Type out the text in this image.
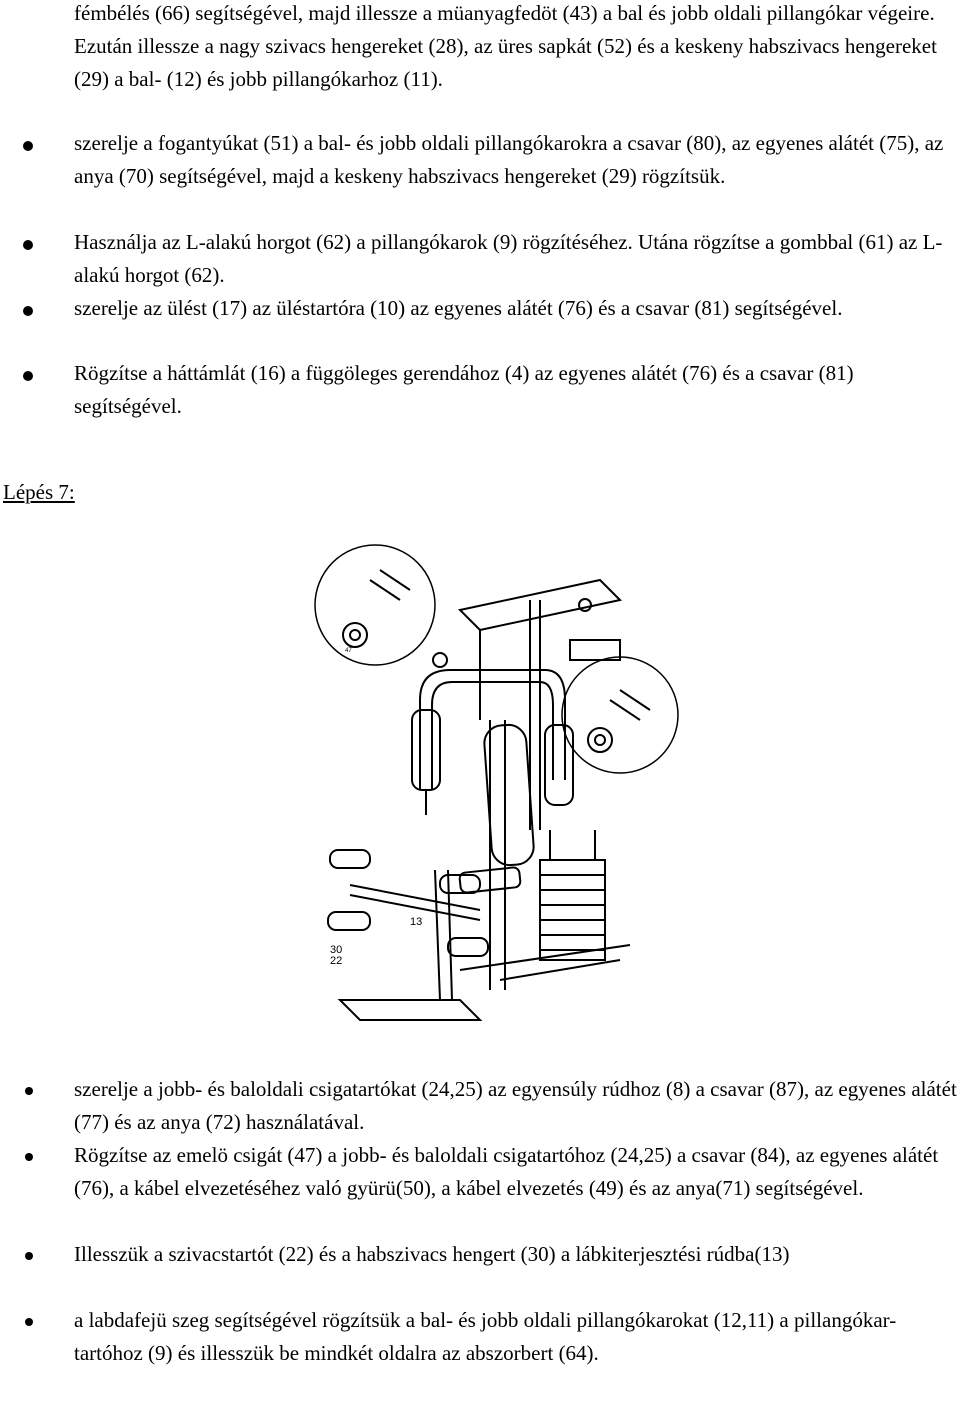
fémbélés (66) segítségével, majd illessze a müanyagfedöt (43) a bal és jobb oldali pillangókar végeire. Ezután illessze a nagy szivacs hengereket (28), az üres sapkát (52) és a keskeny habszivacs hengereket (29) a bal- (12) és jobb pillangókarhoz (11).

szerelje a fogantyúkat (51) a bal- és jobb oldali pillangókarokra a csavar (80), az egyenes alátét (75), az anya (70) segítségével, majd a keskeny habszivacs hengereket (29) rögzítsük.

Használja az L-alakú horgot (62) a pillangókarok (9) rögzítéséhez. Utána rögzítse a gombbal (61) az L-alakú horgot (62).

szerelje az ülést (17) az üléstartóra (10) az egyenes alátét (76) és a csavar (81) segítségével.

Rögzítse a háttámlát (16) a függöleges gerendához (4) az egyenes alátét (76) és a csavar (81) segítségével.

Lépés 7:

13
30
22
47

szerelje a jobb- és baloldali csigatartókat (24,25) az egyensúly rúdhoz (8) a csavar (87), az egyenes alátét (77) és az anya (72) használatával.

Rögzítse az emelö csigát (47) a jobb- és baloldali csigatartóhoz (24,25) a csavar (84), az egyenes alátét (76), a kábel elvezetéséhez való gyürü(50), a kábel elvezetés (49) és az anya(71) segítségével.

Illesszük a szivacstartót (22) és a habszivacs hengert (30) a lábkiterjesztési rúdba(13)

a labdafejü szeg segítségével rögzítsük a bal- és jobb oldali pillangókarokat (12,11) a pillangókar-tartóhoz (9) és illesszük be mindkét oldalra az abszorbert (64).
